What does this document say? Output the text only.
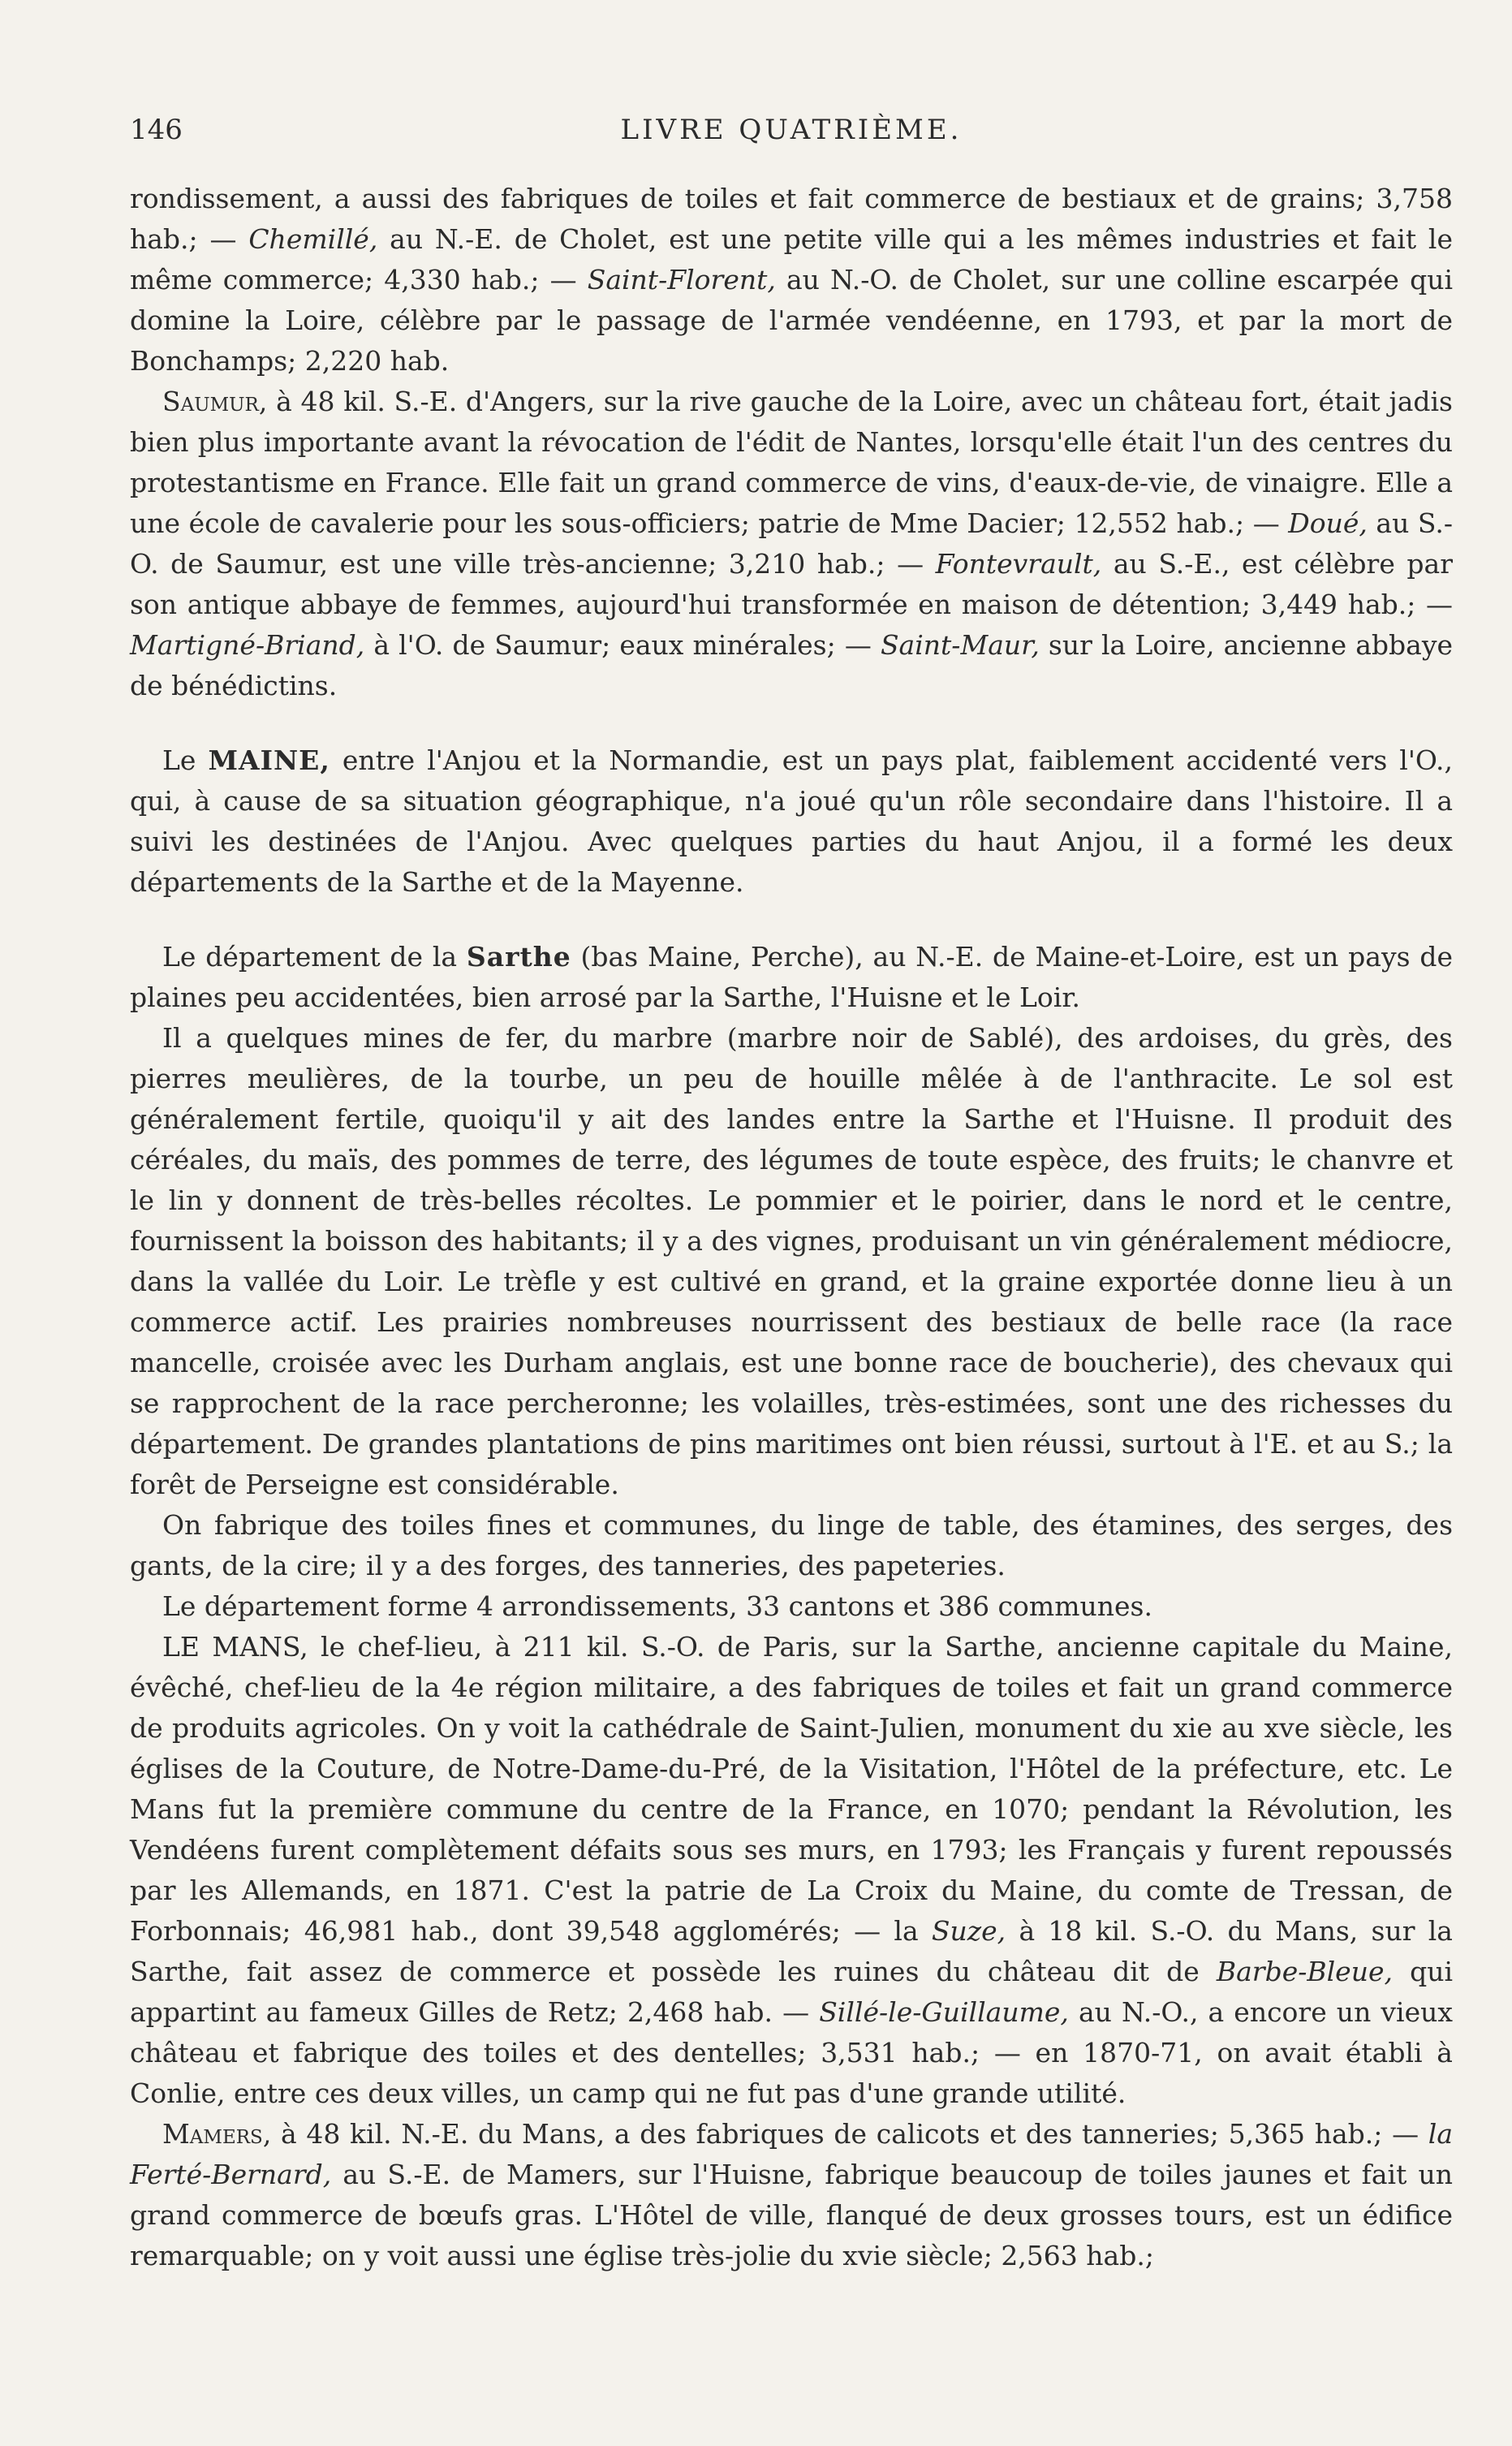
146	LIVRE QUATRIÈME.

rondissement, a aussi des fabriques de toiles et fait commerce de bestiaux et de grains; 3,758 hab.; — Chemillé, au N.-E. de Cholet, est une petite ville qui a les mêmes industries et fait le même commerce; 4,330 hab.; — Saint-Florent, au N.-O. de Cholet, sur une colline escarpée qui domine la Loire, célèbre par le passage de l'armée vendéenne, en 1793, et par la mort de Bonchamps; 2,220 hab.

Saumur, à 48 kil. S.-E. d'Angers, sur la rive gauche de la Loire, avec un château fort, était jadis bien plus importante avant la révocation de l'édit de Nantes, lorsqu'elle était l'un des centres du protestantisme en France. Elle fait un grand commerce de vins, d'eaux-de-vie, de vinaigre. Elle a une école de cavalerie pour les sous-officiers; patrie de Mme Dacier; 12,552 hab.; — Doué, au S.-O. de Saumur, est une ville très-ancienne; 3,210 hab.; — Fontevrault, au S.-E., est célèbre par son antique abbaye de femmes, aujourd'hui transformée en maison de détention; 3,449 hab.; — Martigné-Briand, à l'O. de Saumur; eaux minérales; — Saint-Maur, sur la Loire, ancienne abbaye de bénédictins.

Le MAINE, entre l'Anjou et la Normandie, est un pays plat, faiblement accidenté vers l'O., qui, à cause de sa situation géographique, n'a joué qu'un rôle secondaire dans l'histoire. Il a suivi les destinées de l'Anjou. Avec quelques parties du haut Anjou, il a formé les deux départements de la Sarthe et de la Mayenne.

Le département de la Sarthe (bas Maine, Perche), au N.-E. de Maine-et-Loire, est un pays de plaines peu accidentées, bien arrosé par la Sarthe, l'Huisne et le Loir.

Il a quelques mines de fer, du marbre (marbre noir de Sablé), des ardoises, du grès, des pierres meulières, de la tourbe, un peu de houille mêlée à de l'anthracite. Le sol est généralement fertile, quoiqu'il y ait des landes entre la Sarthe et l'Huisne. Il produit des céréales, du maïs, des pommes de terre, des légumes de toute espèce, des fruits; le chanvre et le lin y donnent de très-belles récoltes. Le pommier et le poirier, dans le nord et le centre, fournissent la boisson des habitants; il y a des vignes, produisant un vin généralement médiocre, dans la vallée du Loir. Le trèfle y est cultivé en grand, et la graine exportée donne lieu à un commerce actif. Les prairies nombreuses nourrissent des bestiaux de belle race (la race mancelle, croisée avec les Durham anglais, est une bonne race de boucherie), des chevaux qui se rapprochent de la race percheronne; les volailles, très-estimées, sont une des richesses du département. De grandes plantations de pins maritimes ont bien réussi, surtout à l'E. et au S.; la forêt de Perseigne est considérable.

On fabrique des toiles fines et communes, du linge de table, des étamines, des serges, des gants, de la cire; il y a des forges, des tanneries, des papeteries.

Le département forme 4 arrondissements, 33 cantons et 386 communes.

LE MANS, le chef-lieu, à 211 kil. S.-O. de Paris, sur la Sarthe, ancienne capitale du Maine, évêché, chef-lieu de la 4e région militaire, a des fabriques de toiles et fait un grand commerce de produits agricoles. On y voit la cathédrale de Saint-Julien, monument du xie au xve siècle, les églises de la Couture, de Notre-Dame-du-Pré, de la Visitation, l'Hôtel de la préfecture, etc. Le Mans fut la première commune du centre de la France, en 1070; pendant la Révolution, les Vendéens furent complètement défaits sous ses murs, en 1793; les Français y furent repoussés par les Allemands, en 1871. C'est la patrie de La Croix du Maine, du comte de Tressan, de Forbonnais; 46,981 hab., dont 39,548 agglomérés; — la Suze, à 18 kil. S.-O. du Mans, sur la Sarthe, fait assez de commerce et possède les ruines du château dit de Barbe-Bleue, qui appartint au fameux Gilles de Retz; 2,468 hab. — Sillé-le-Guillaume, au N.-O., a encore un vieux château et fabrique des toiles et des dentelles; 3,531 hab.; — en 1870-71, on avait établi à Conlie, entre ces deux villes, un camp qui ne fut pas d'une grande utilité.

Mamers, à 48 kil. N.-E. du Mans, a des fabriques de calicots et des tanneries; 5,365 hab.; — la Ferté-Bernard, au S.-E. de Mamers, sur l'Huisne, fabrique beaucoup de toiles jaunes et fait un grand commerce de bœufs gras. L'Hôtel de ville, flanqué de deux grosses tours, est un édifice remarquable; on y voit aussi une église très-jolie du xvie siècle; 2,563 hab.;
